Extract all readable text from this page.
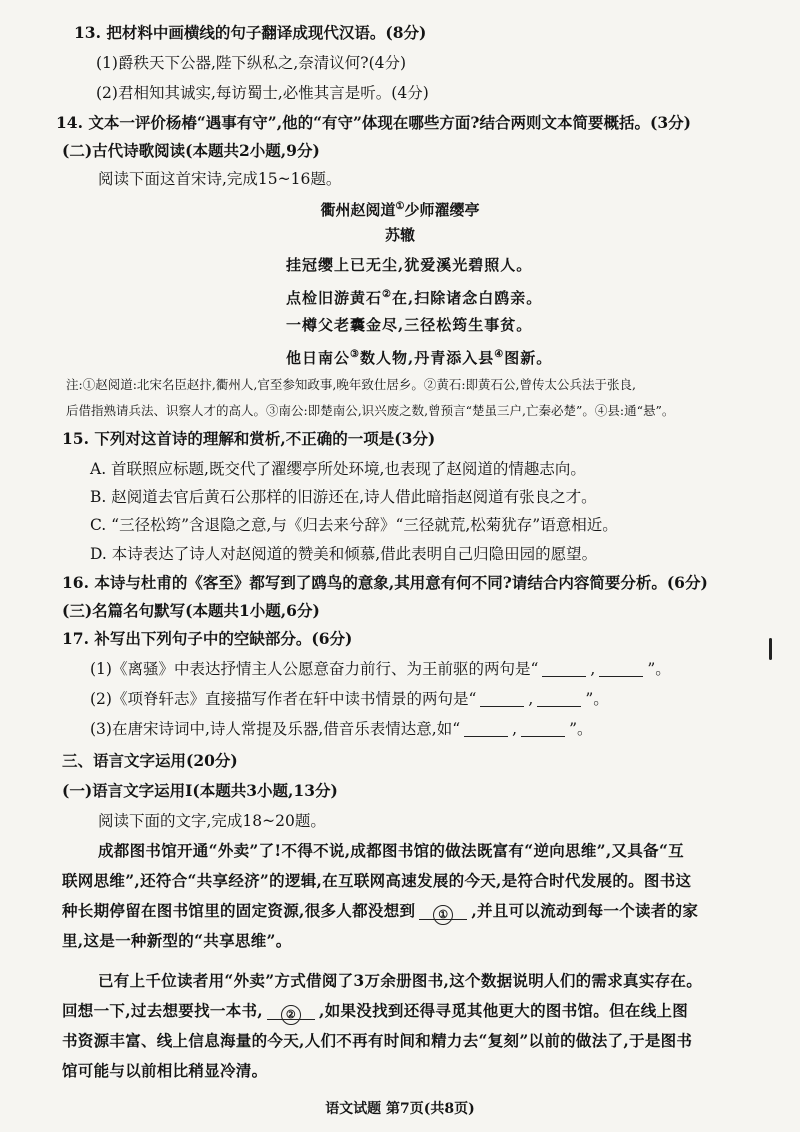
13. 把材料中画横线的句子翻译成现代汉语。(8分)
(1)爵秩天下公器,陛下纵私之,奈清议何?(4分)
(2)君相知其诚实,每访蜀士,必惟其言是听。(4分)
14. 文本一评价杨椿“遇事有守”,他的“有守”体现在哪些方面?结合两则文本简要概括。(3分)
(二)古代诗歌阅读(本题共2小题,9分)
阅读下面这首宋诗,完成15~16题。
衢州赵阅道①少师濯缨亭
苏辙
挂冠缨上已无尘,犹爱溪光碧照人。
点检旧游黄石②在,扫除诸念白鸥亲。
一樽父老囊金尽,三径松筠生事贫。
他日南公③数人物,丹青添入县④图新。
注:①赵阅道:北宋名臣赵抃,衢州人,官至参知政事,晚年致仕居乡。②黄石:即黄石公,曾传太公兵法于张良,
后借指熟请兵法、识察人才的高人。③南公:即楚南公,识兴废之数,曾预言“楚虽三户,亡秦必楚”。④县:通“悬”。
15. 下列对这首诗的理解和赏析,不正确的一项是(3分)
A. 首联照应标题,既交代了濯缨亭所处环境,也表现了赵阅道的情趣志向。
B. 赵阅道去官后黄石公那样的旧游还在,诗人借此暗指赵阅道有张良之才。
C. “三径松筠”含退隐之意,与《归去来兮辞》“三径就荒,松菊犹存”语意相近。
D. 本诗表达了诗人对赵阅道的赞美和倾慕,借此表明自己归隐田园的愿望。
16. 本诗与杜甫的《客至》都写到了鸥鸟的意象,其用意有何不同?请结合内容简要分析。(6分)
(三)名篇名句默写(本题共1小题,6分)
17. 补写出下列句子中的空缺部分。(6分)
(1)《离骚》中表达抒情主人公愿意奋力前行、为王前驱的两句是“	,	”。
(2)《项脊轩志》直接描写作者在轩中读书情景的两句是“	,	”。
(3)在唐宋诗词中,诗人常提及乐器,借音乐表情达意,如“	,	”。
三、语言文字运用(20分)
(一)语言文字运用Ⅰ(本题共3小题,13分)
阅读下面的文字,完成18~20题。
成都图书馆开通“外卖”了!不得不说,成都图书馆的做法既富有“逆向思维”,又具备“互
联网思维”,还符合“共享经济”的逻辑,在互联网高速发展的今天,是符合时代发展的。图书这
种长期停留在图书馆里的固定资源,很多人都没想到 ① ,并且可以流动到每一个读者的家
里,这是一种新型的“共享思维”。
已有上千位读者用“外卖”方式借阅了3万余册图书,这个数据说明人们的需求真实存在。
回想一下,过去想要找一本书, ② ,如果没找到还得寻觅其他更大的图书馆。但在线上图
书资源丰富、线上信息海量的今天,人们不再有时间和精力去“复刻”以前的做法了,于是图书
馆可能与以前相比稍显冷清。
语文试题 第7页(共8页)
